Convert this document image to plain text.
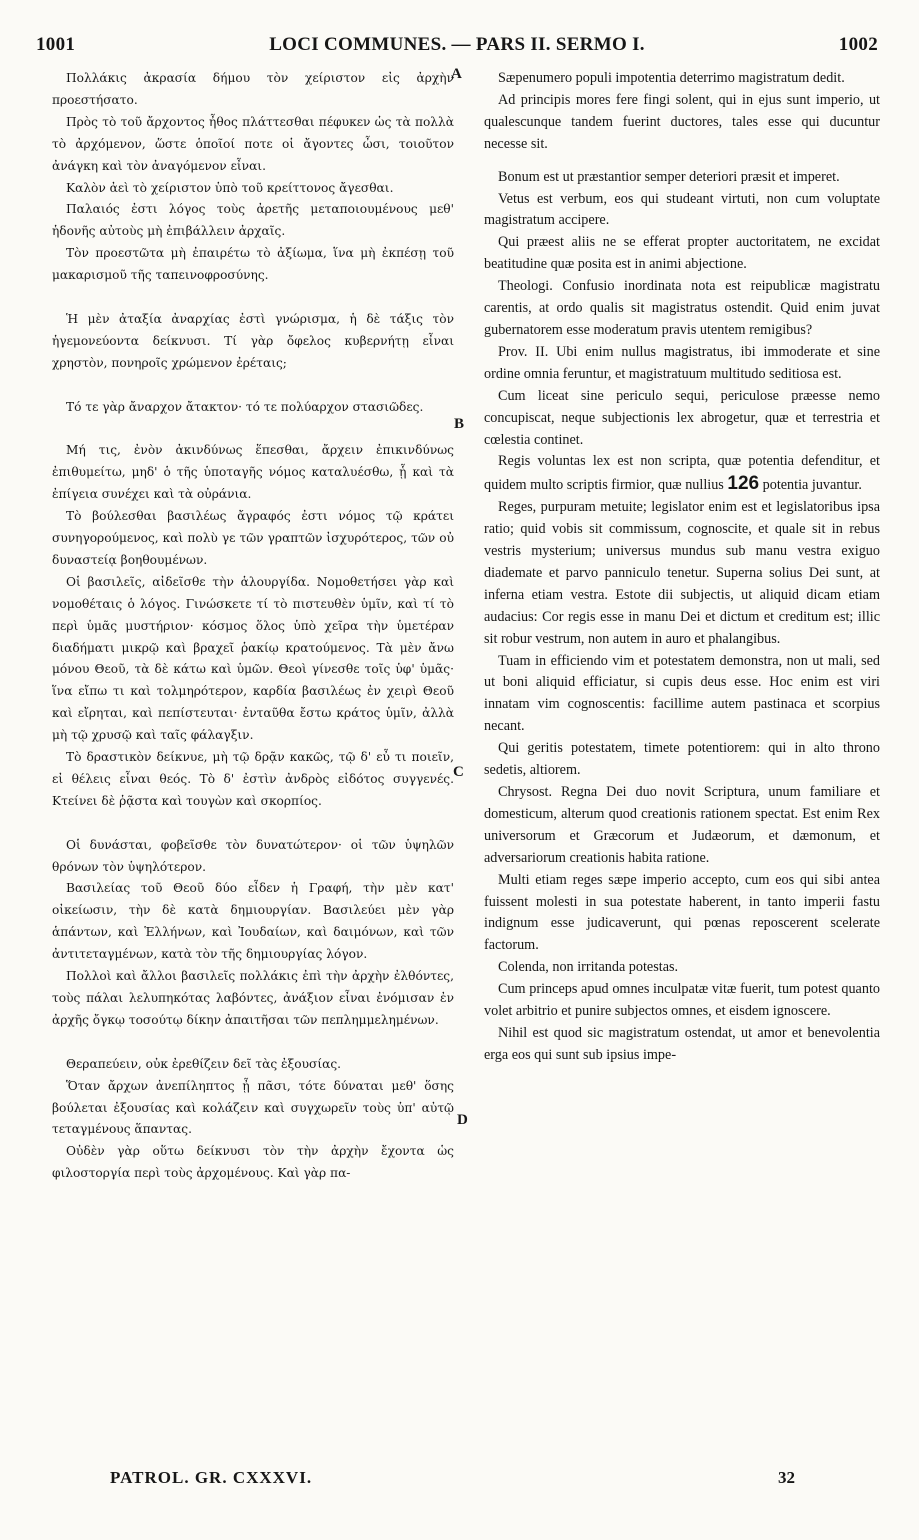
1001	LOCI COMMUNES. — PARS II. SERMO I.	1002
A
B
C
D

Πολλάκις ἀκρασία δήμου τὸν χείριστον εἰς ἀρχὴν προεστήσατο.

Πρὸς τὸ τοῦ ἄρχοντος ἦθος πλάττεσθαι πέφυκεν ὡς τὰ πολλὰ τὸ ἀρχόμενον, ὥστε ὁποῖοί ποτε οἱ ἄγοντες ὦσι, τοιοῦτον ἀνάγκη καὶ τὸν ἀναγόμενον εἶναι.

Καλὸν ἀεὶ τὸ χείριστον ὑπὸ τοῦ κρείττονος ἄγεσθαι.

Παλαιός ἐστι λόγος τοὺς ἀρετῆς μεταποιουμένους μεθ' ἡδονῆς αὐτοὺς μὴ ἐπιβάλλειν ἀρχαῖς.

Τὸν προεστῶτα μὴ ἐπαιρέτω τὸ ἀξίωμα, ἵνα μὴ ἐκπέσῃ τοῦ μακαρισμοῦ τῆς ταπεινοφροσύνης.

Ἡ μὲν ἀταξία ἀναρχίας ἐστὶ γνώρισμα, ἡ δὲ τάξις τὸν ἡγεμονεύοντα δείκνυσι. Τί γὰρ ὄφελος κυβερνήτῃ εἶναι χρηστὸν, πονηροῖς χρώμενον ἐρέταις;

Τό τε γὰρ ἄναρχον ἄτακτον· τό τε πολύαρχον στασιῶδες.

Μή τις, ἐνὸν ἀκινδύνως ἕπεσθαι, ἄρχειν ἐπικινδύνως ἐπιθυμείτω, μηδ' ὁ τῆς ὑποταγῆς νόμος καταλυέσθω, ᾗ καὶ τὰ ἐπίγεια συνέχει καὶ τὰ οὐράνια.

Τὸ βούλεσθαι βασιλέως ἄγραφός ἐστι νόμος τῷ κράτει συνηγορούμενος, καὶ πολὺ γε τῶν γραπτῶν ἰσχυρότερος, τῶν οὐ δυναστείᾳ βοηθουμένων.

Οἱ βασιλεῖς, αἰδεῖσθε τὴν ἁλουργίδα. Νομοθετήσει γὰρ καὶ νομοθέταις ὁ λόγος. Γινώσκετε τί τὸ πιστευθὲν ὑμῖν, καὶ τί τὸ περὶ ὑμᾶς μυστήριον· κόσμος ὅλος ὑπὸ χεῖρα τὴν ὑμετέραν διαδήματι μικρῷ καὶ βραχεῖ ῥακίῳ κρατούμενος. Τὰ μὲν ἄνω μόνου Θεοῦ, τὰ δὲ κάτω καὶ ὑμῶν. Θεοὶ γίνεσθε τοῖς ὑφ' ὑμᾶς· ἵνα εἴπω τι καὶ τολμηρότερον, καρδία βασιλέως ἐν χειρὶ Θεοῦ καὶ εἴρηται, καὶ πεπίστευται· ἐνταῦθα ἔστω κράτος ὑμῖν, ἀλλὰ μὴ τῷ χρυσῷ καὶ ταῖς φάλαγξιν.

Τὸ δραστικὸν δείκνυε, μὴ τῷ δρᾷν κακῶς, τῷ δ' εὖ τι ποιεῖν, εἰ θέλεις εἶναι θεός. Τὸ δ' ἐστὶν ἀνδρὸς εἰδότος συγγενές. Κτείνει δὲ ῥᾷστα καὶ τουγὼν καὶ σκορπίος.

Οἱ δυνάσται, φοβεῖσθε τὸν δυνατώτερον· οἱ τῶν ὑψηλῶν θρόνων τὸν ὑψηλότερον.

Βασιλείας τοῦ Θεοῦ δύο εἶδεν ἡ Γραφή, τὴν μὲν κατ' οἰκείωσιν, τὴν δὲ κατὰ δημιουργίαν. Βασιλεύει μὲν γὰρ ἁπάντων, καὶ Ἑλλήνων, καὶ Ἰουδαίων, καὶ δαιμόνων, καὶ τῶν ἀντιτεταγμένων, κατὰ τὸν τῆς δημιουργίας λόγον.

Πολλοὶ καὶ ἄλλοι βασιλεῖς πολλάκις ἐπὶ τὴν ἀρχὴν ἐλθόντες, τοὺς πάλαι λελυπηκότας λαβόντες, ἀνάξιον εἶναι ἐνόμισαν ἐν ἀρχῆς ὄγκῳ τοσούτῳ δίκην ἀπαιτῆσαι τῶν πεπλημμελημένων.

Θεραπεύειν, οὐκ ἐρεθίζειν δεῖ τὰς ἐξουσίας.

Ὅταν ἄρχων ἀνεπίληπτος ᾖ πᾶσι, τότε δύναται μεθ' ὅσης βούλεται ἐξουσίας καὶ κολάζειν καὶ συγχωρεῖν τοὺς ὑπ' αὐτῷ τεταγμένους ἅπαντας.

Οὐδὲν γὰρ οὕτω δείκνυσι τὸν τὴν ἀρχὴν ἔχοντα ὡς φιλοστοργία περὶ τοὺς ἀρχομένους. Καὶ γὰρ πα-

Sæpenumero populi impotentia deterrimo magistratum dedit.

Ad principis mores fere fingi solent, qui in ejus sunt imperio, ut qualescunque tandem fuerint ductores, tales esse qui ducuntur necesse sit.

Bonum est ut præstantior semper deteriori præsit et imperet.

Vetus est verbum, eos qui studeant virtuti, non cum voluptate magistratum accipere.

Qui præest aliis ne se efferat propter auctoritatem, ne excidat beatitudine quæ posita est in animi abjectione.

Theologi. Confusio inordinata nota est reipublicæ magistratu carentis, at ordo qualis sit magistratus ostendit. Quid enim juvat gubernatorem esse moderatum pravis utentem remigibus?

Prov. II. Ubi enim nullus magistratus, ibi immoderate et sine ordine omnia feruntur, et magistratuum multitudo seditiosa est.

Cum liceat sine periculo sequi, periculose præesse nemo concupiscat, neque subjectionis lex abrogetur, quæ et terrestria et cœlestia continet.

Regis voluntas lex est non scripta, quæ potentia defenditur, et quidem multo scriptis firmior, quæ nullius 126 potentia juvantur.

Reges, purpuram metuite; legislator enim est et legislatoribus ipsa ratio; quid vobis sit commissum, cognoscite, et quale sit in rebus vestris mysterium; universus mundus sub manu vestra exiguo diademate et parvo panniculo tenetur. Superna solius Dei sunt, at inferna etiam vestra. Estote dii subjectis, ut aliquid dicam etiam audacius: Cor regis esse in manu Dei et dictum et creditum est; illic sit robur vestrum, non autem in auro et phalangibus.

Tuam in efficiendo vim et potestatem demonstra, non ut mali, sed ut boni aliquid efficiatur, si cupis deus esse. Hoc enim est viri innatam vim cognoscentis: facillime autem pastinaca et scorpius necant.

Qui geritis potestatem, timete potentiorem: qui in alto throno sedetis, altiorem.

Chrysost. Regna Dei duo novit Scriptura, unum familiare et domesticum, alterum quod creationis rationem spectat. Est enim Rex universorum et Græcorum et Judæorum, et dæmonum, et adversariorum creationis habita ratione.

Multi etiam reges sæpe imperio accepto, cum eos qui sibi antea fuissent molesti in sua potestate haberent, in tanto imperii fastu indignum esse judicaverunt, qui pœnas reposcerent scelerate factorum.

Colenda, non irritanda potestas.

Cum princeps apud omnes inculpatæ vitæ fuerit, tum potest quanto volet arbitrio et punire subjectos omnes, et eisdem ignoscere.

Nihil est quod sic magistratum ostendat, ut amor et benevolentia erga eos qui sunt sub ipsius impe-

PATROL. GR. CXXXVI.	32
